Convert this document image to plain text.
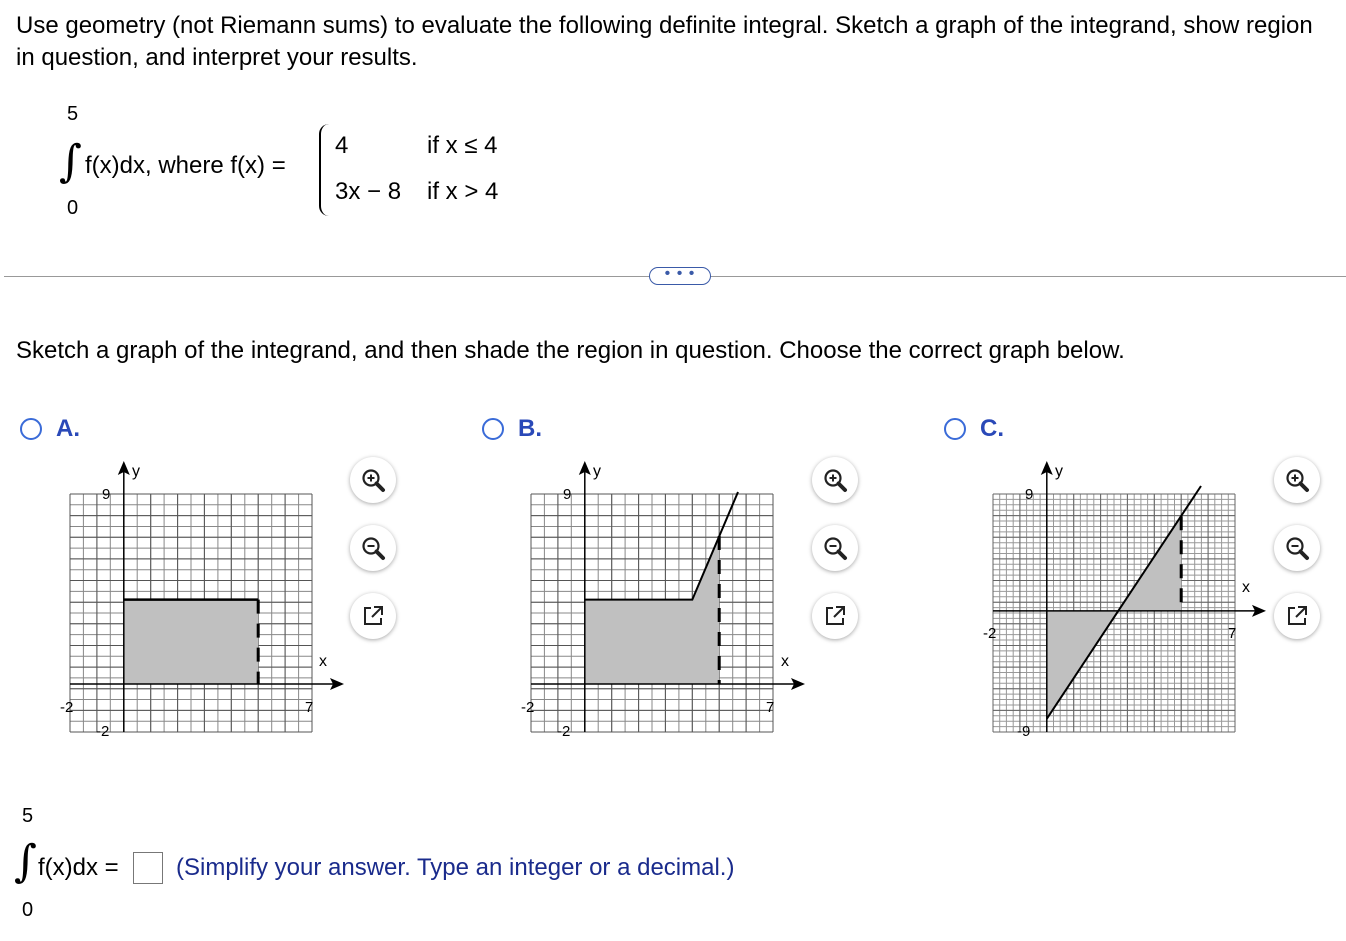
Use geometry (not Riemann sums) to evaluate the following definite integral. Sketch a graph of the integrand, show region in question, and interpret your results.
5
∫
0
f(x)dx, where f(x) =
4	if x ≤ 4
3x − 8 if x > 4
• • •
Sketch a graph of the integrand, and then shade the region in question. Choose the correct graph below.
A.	B.	C.
y
x
9
-2
-2	7
y
x
9
-2
-2	7
y
x
9
-9
-2	7
5
∫
0
f(x)dx = (Simplify your answer. Type an integer or a decimal.)
